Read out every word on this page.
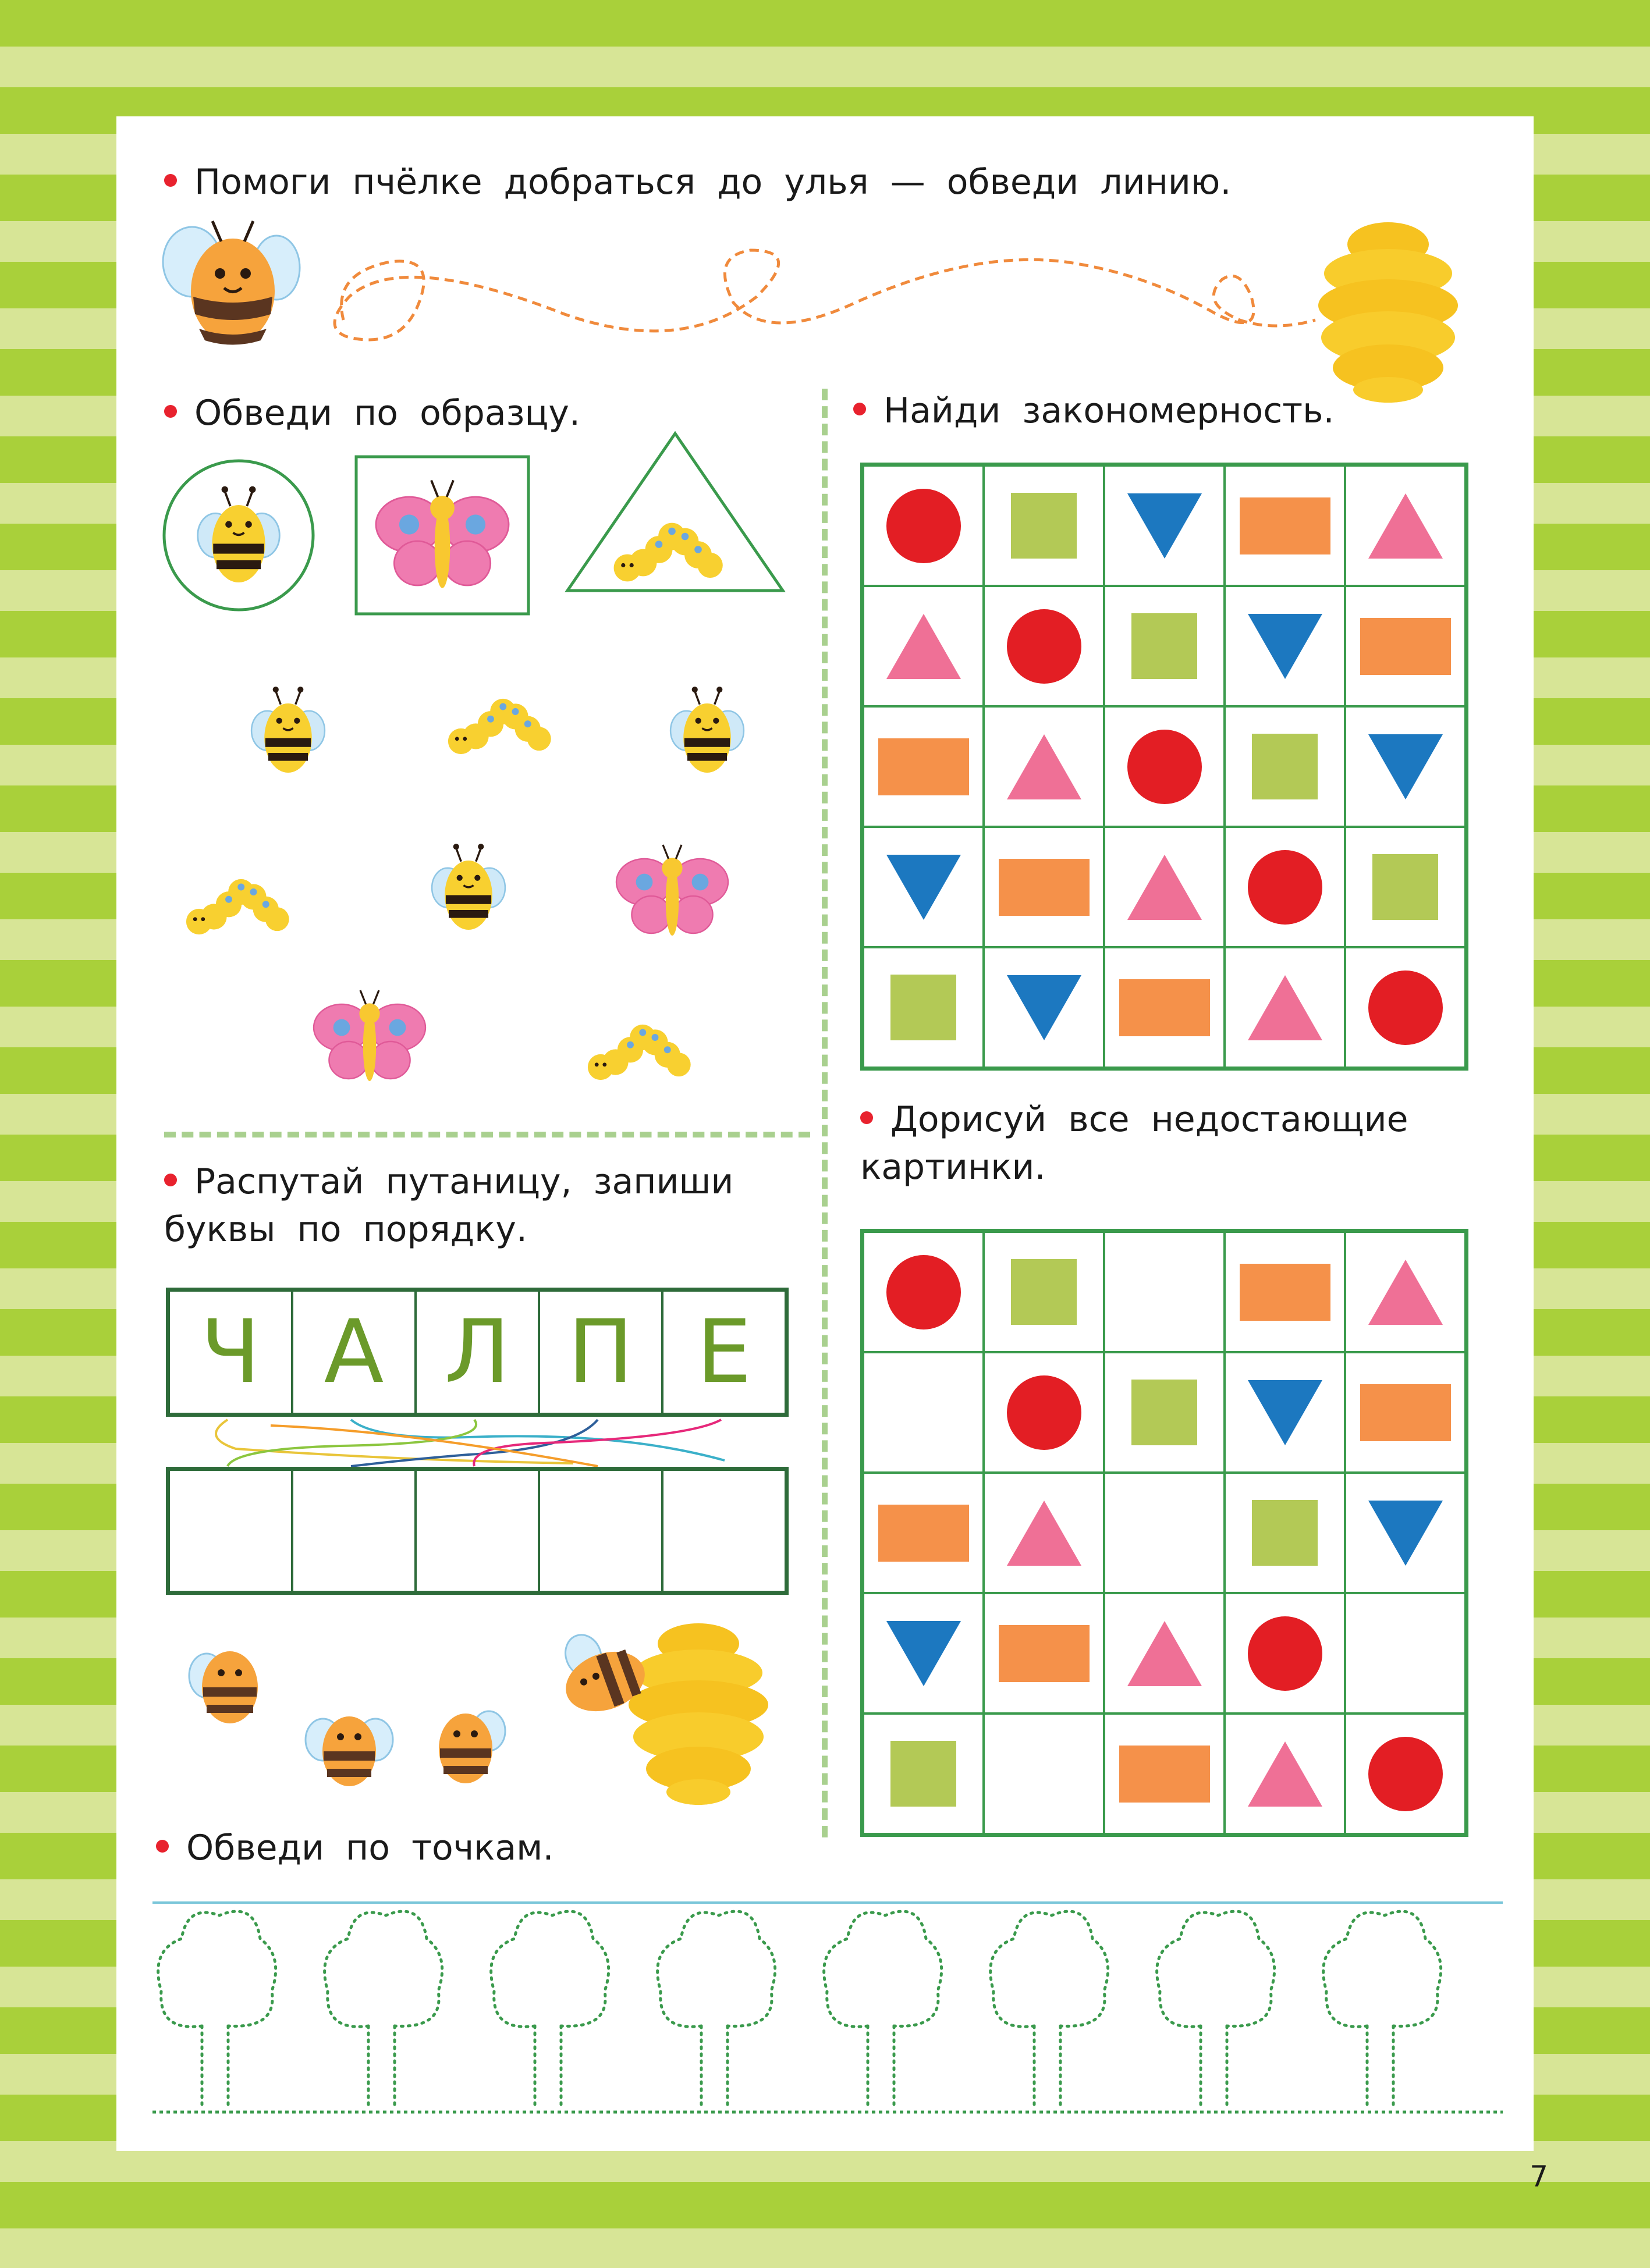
Помоги пчёлке добраться до улья — обведи линию.
Обведи по образцу.	Найди закономерность.
Дорисуй все недостающие
картинки.
Распутай путаницу, запиши
буквы по порядку.
Ч А Л П Е
Обведи по точкам.
7
